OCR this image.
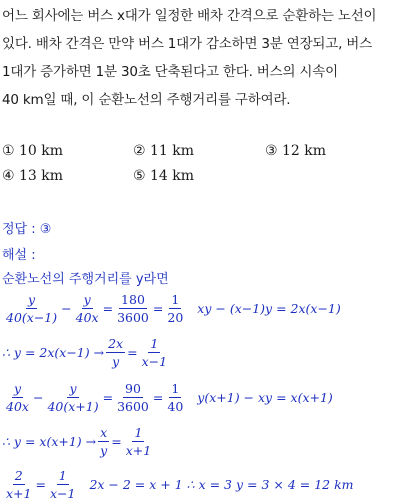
어느 회사에는 버스 x대가 일정한 배차 간격으로 순환하는 노선이
있다. 배차 간격은 만약 버스 1대가 감소하면 3분 연장되고, 버스
1대가 증가하면 1분 30초 단축된다고 한다. 버스의 시속이
40 km일 때, 이 순환노선의 주행거리를 구하여라.
① 10 km	② 11 km	③ 12 km
④ 13 km	⑤ 14 km
정답 : ③
해설 :
순환노선의 주행거리를 y라면
$\frac{y}{40(x-1)} - \frac{y}{40x} = \frac{180}{3600} = \frac{1}{20}$ xy − (x−1)y = 2x(x−1)
∴ $y = 2x(x-1) \to \frac{2x}{y} = \frac{1}{x-1}$
$\frac{y}{40x} - \frac{y}{40(x+1)} = \frac{90}{3600} = \frac{1}{40} y(x+1)$ − xy = x(x+1)
∴ $y = x(x+1) \to \frac{x}{y} = \frac{1}{x+1}$
$\frac{2}{x+1} = \frac{1}{x-1} 2x - 2 = x + 1$ ∴ x = 3 y = 3 × 4 = 12 km
